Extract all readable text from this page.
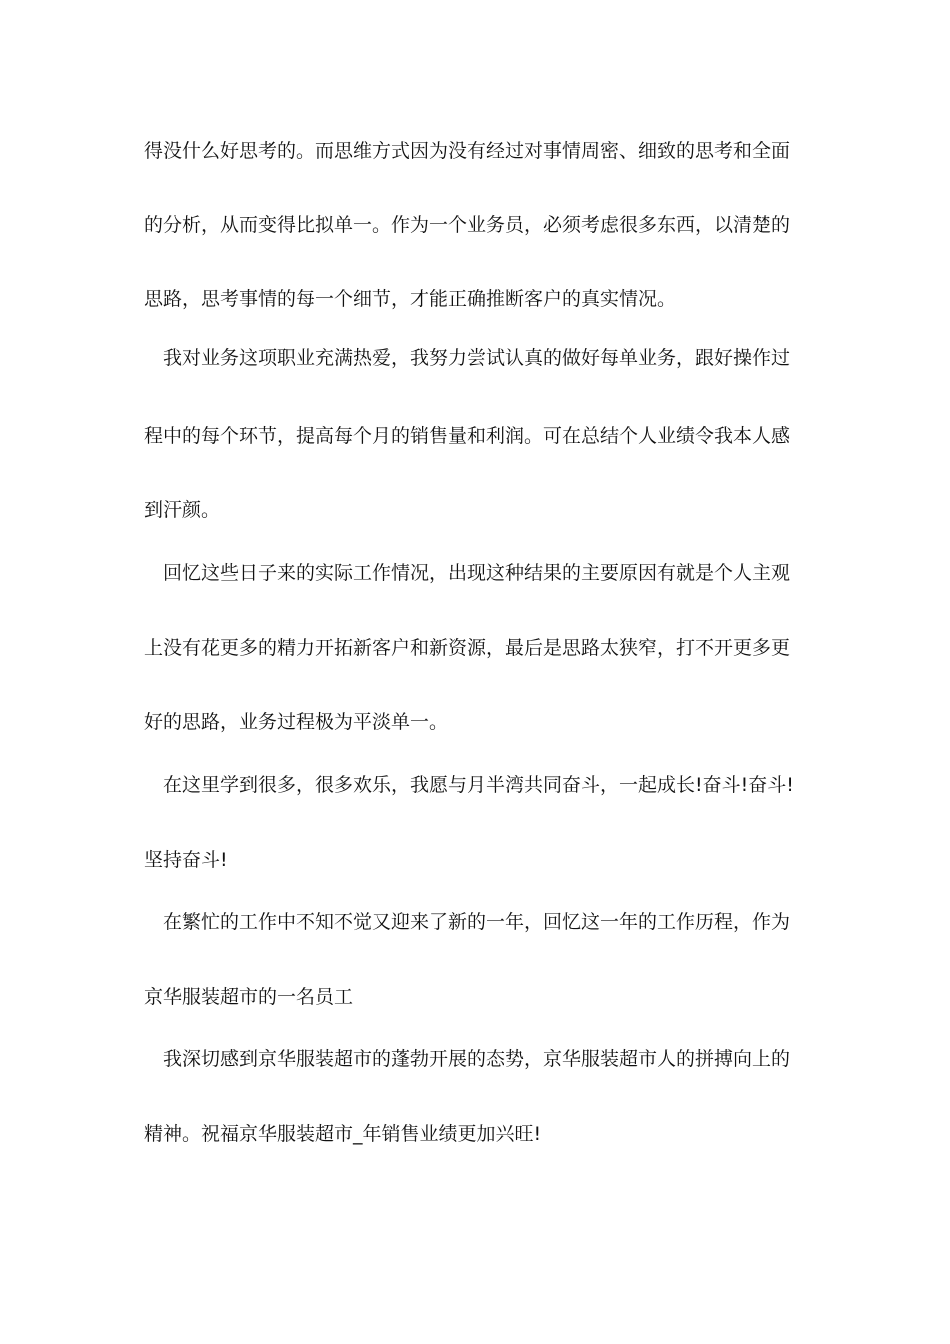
得没什么好思考的。而思维方式因为没有经过对事情周密、细致的思考和全面
的分析，从而变得比拟单一。作为一个业务员，必须考虑很多东西，以清楚的
思路，思考事情的每一个细节，才能正确推断客户的真实情况。
我对业务这项职业充满热爱，我努力尝试认真的做好每单业务，跟好操作过
程中的每个环节，提高每个月的销售量和利润。可在总结个人业绩令我本人感
到汗颜。
回忆这些日子来的实际工作情况，出现这种结果的主要原因有就是个人主观
上没有花更多的精力开拓新客户和新资源，最后是思路太狭窄，打不开更多更
好的思路，业务过程极为平淡单一。
在这里学到很多，很多欢乐，我愿与月半湾共同奋斗，一起成长!奋斗!奋斗!
坚持奋斗!
在繁忙的工作中不知不觉又迎来了新的一年，回忆这一年的工作历程，作为
京华服装超市的一名员工
我深切感到京华服装超市的蓬勃开展的态势，京华服装超市人的拼搏向上的
精神。祝福京华服装超市_年销售业绩更加兴旺!
